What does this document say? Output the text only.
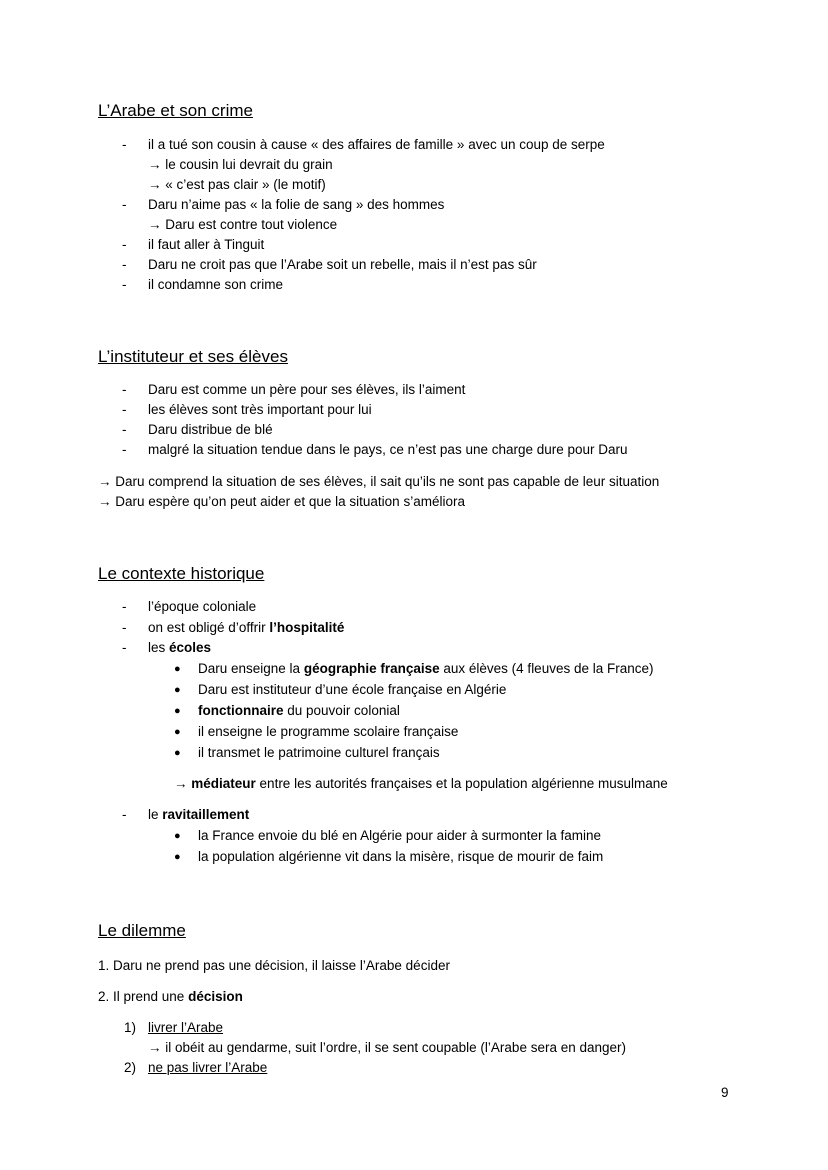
L’Arabe et son crime
- il a tué son cousin à cause « des affaires de famille » avec un coup de serpe
→ le cousin lui devrait du grain
→ « c’est pas clair » (le motif)
- Daru n’aime pas « la folie de sang » des hommes
→ Daru est contre tout violence
- il faut aller à Tinguit
- Daru ne croit pas que l’Arabe soit un rebelle, mais il n’est pas sûr
- il condamne son crime
L’instituteur et ses élèves
- Daru est comme un père pour ses élèves, ils l’aiment
- les élèves sont très important pour lui
- Daru distribue de blé
- malgré la situation tendue dans le pays, ce n’est pas une charge dure pour Daru
→ Daru comprend la situation de ses élèves, il sait qu’ils ne sont pas capable de leur situation
→ Daru espère qu’on peut aider et que la situation s’améliora
Le contexte historique
- l’époque coloniale
- on est obligé d’offrir l’hospitalité
- les écoles
● Daru enseigne la géographie française aux élèves (4 fleuves de la France)
● Daru est instituteur d’une école française en Algérie
● fonctionnaire du pouvoir colonial
● il enseigne le programme scolaire française
● il transmet le patrimoine culturel français
→ médiateur entre les autorités françaises et la population algérienne musulmane
- le ravitaillement
● la France envoie du blé en Algérie pour aider à surmonter la famine
● la population algérienne vit dans la misère, risque de mourir de faim
Le dilemme
1. Daru ne prend pas une décision, il laisse l’Arabe décider
2. Il prend une décision
1) livrer l’Arabe
→ il obéit au gendarme, suit l’ordre, il se sent coupable (l’Arabe sera en danger)
2) ne pas livrer l’Arabe
9
